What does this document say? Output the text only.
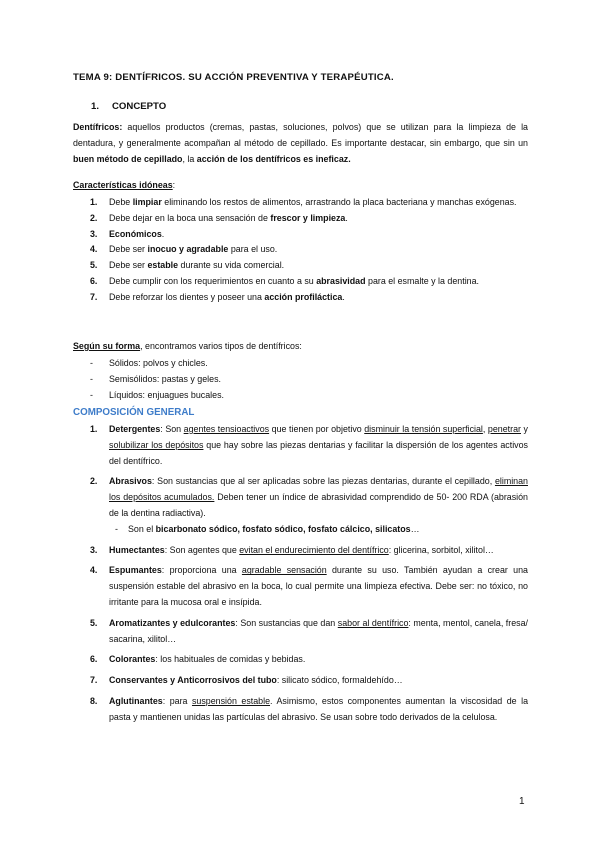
TEMA 9: DENTÍFRICOS. SU ACCIÓN PREVENTIVA Y TERAPÉUTICA.
1. CONCEPTO

Dentífricos: aquellos productos (cremas, pastas, soluciones, polvos) que se utilizan para la limpieza de la dentadura, y generalmente acompañan al método de cepillado. Es importante destacar, sin embargo, que sin un buen método de cepillado, la acción de los dentífricos es ineficaz.

Características idóneas:
1. Debe limpiar eliminando los restos de alimentos, arrastrando la placa bacteriana y manchas exógenas.
2. Debe dejar en la boca una sensación de frescor y limpieza.
3. Económicos.
4. Debe ser inocuo y agradable para el uso.
5. Debe ser estable durante su vida comercial.
6. Debe cumplir con los requerimientos en cuanto a su abrasividad para el esmalte y la dentina.
7. Debe reforzar los dientes y poseer una acción profiláctica.
Según su forma, encontramos varios tipos de dentífricos:
- Sólidos: polvos y chicles.
- Semisólidos: pastas y geles.
- Líquidos: enjuagues bucales.
COMPOSICIÓN GENERAL
1. Detergentes: Son agentes tensioactivos que tienen por objetivo disminuir la tensión superficial, penetrar y solubilizar los depósitos que hay sobre las piezas dentarias y facilitar la dispersión de los agentes activos del dentífrico.
2. Abrasivos: Son sustancias que al ser aplicadas sobre las piezas dentarias, durante el cepillado, eliminan los depósitos acumulados. Deben tener un índice de abrasividad comprendido de 50- 200 RDA (abrasión de la dentina radiactiva).
- Son el bicarbonato sódico, fosfato sódico, fosfato cálcico, silicatos…
3. Humectantes: Son agentes que evitan el endurecimiento del dentífrico: glicerina, sorbitol, xilitol…
4. Espumantes: proporciona una agradable sensación durante su uso. También ayudan a crear una suspensión estable del abrasivo en la boca, lo cual permite una limpieza efectiva. Debe ser: no tóxico, no irritante para la mucosa oral e insípida.
5. Aromatizantes y edulcorantes: Son sustancias que dan sabor al dentífrico: menta, mentol, canela, fresa/ sacarina, xilitol…
6. Colorantes: los habituales de comidas y bebidas.
7. Conservantes y Anticorrosivos del tubo: silicato sódico, formaldehído…
8. Aglutinantes: para suspensión estable. Asimismo, estos componentes aumentan la viscosidad de la pasta y mantienen unidas las partículas del abrasivo. Se usan sobre todo derivados de la celulosa.
1
